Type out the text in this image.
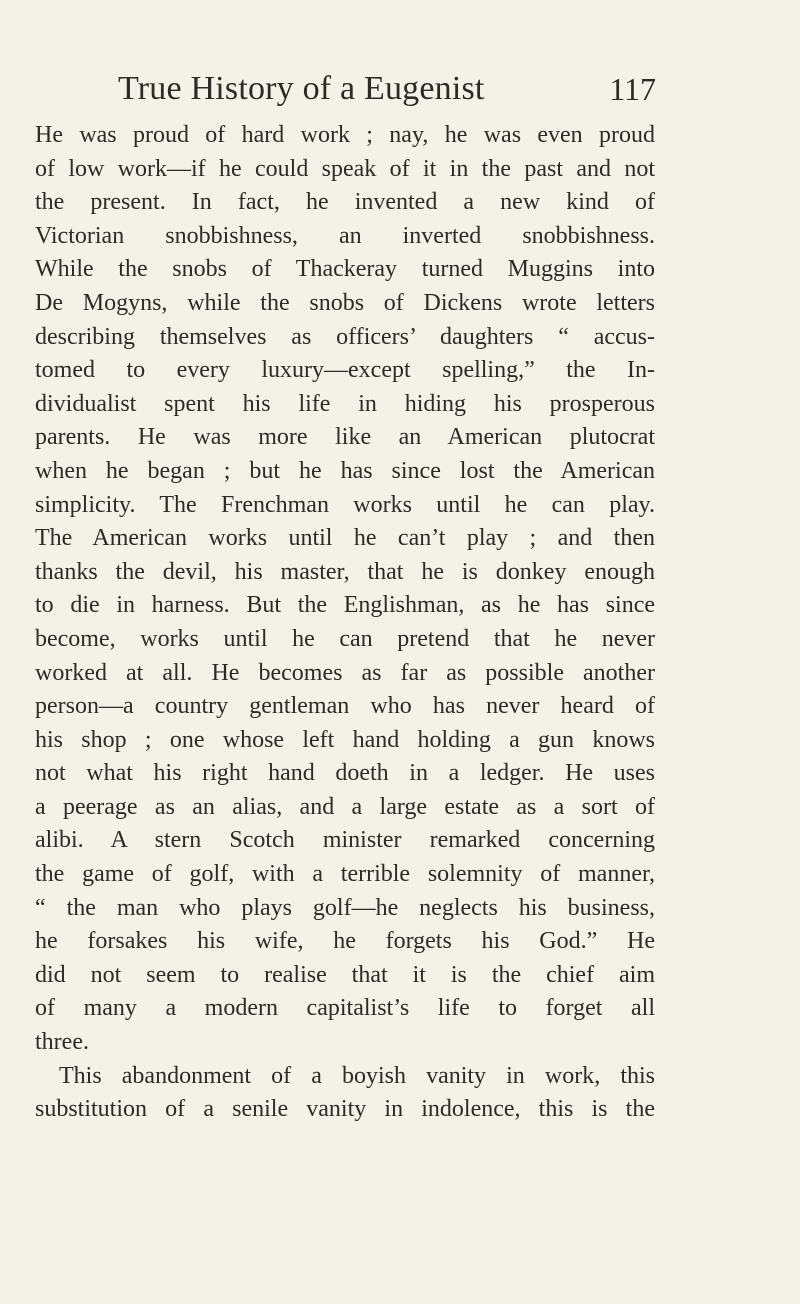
True History of a Eugenist	117
He was proud of hard work ; nay, he was even proud
of low work—if he could speak of it in the past and not
the present. In fact, he invented a new kind of
Victorian snobbishness, an inverted snobbishness.
While the snobs of Thackeray turned Muggins into
De Mogyns, while the snobs of Dickens wrote letters
describing themselves as officers’ daughters “ accus-
tomed to every luxury—except spelling,” the In-
dividualist spent his life in hiding his prosperous
parents. He was more like an American plutocrat
when he began ; but he has since lost the American
simplicity. The Frenchman works until he can play.
The American works until he can’t play ; and then
thanks the devil, his master, that he is donkey enough
to die in harness. But the Englishman, as he has since
become, works until he can pretend that he never
worked at all. He becomes as far as possible another
person—a country gentleman who has never heard of
his shop ; one whose left hand holding a gun knows
not what his right hand doeth in a ledger. He uses
a peerage as an alias, and a large estate as a sort of
alibi. A stern Scotch minister remarked concerning
the game of golf, with a terrible solemnity of manner,
“ the man who plays golf—he neglects his business,
he forsakes his wife, he forgets his God.” He
did not seem to realise that it is the chief aim
of many a modern capitalist’s life to forget all
three.
This abandonment of a boyish vanity in work, this
substitution of a senile vanity in indolence, this is the
